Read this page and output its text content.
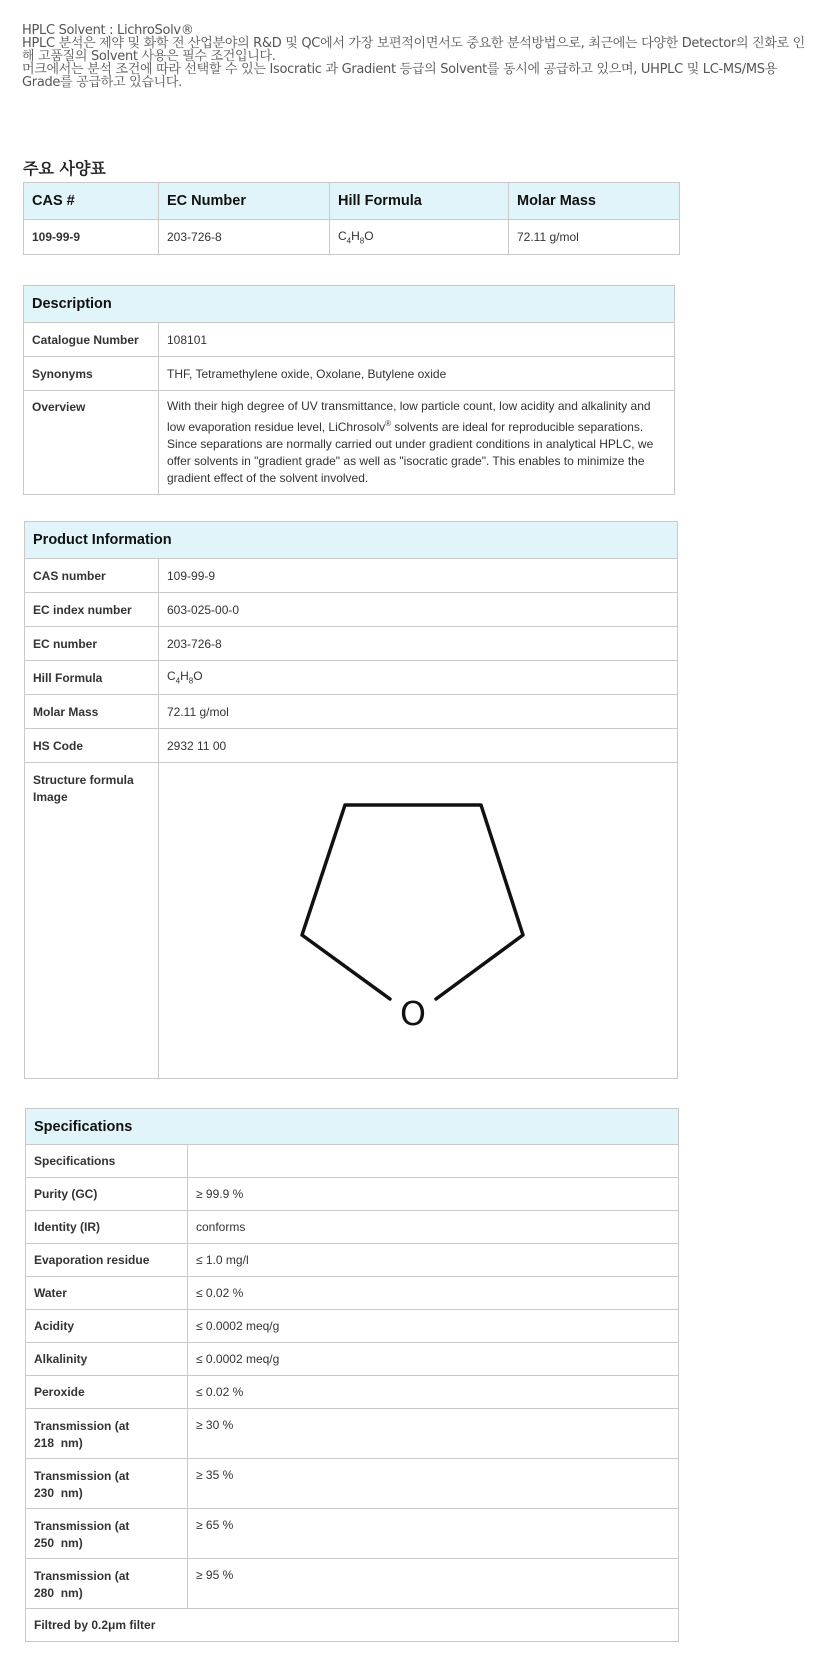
HPLC Solvent : LichroSolv®
HPLC 분석은 제약 및 화학 전 산업분야의 R&D 및 QC에서 가장 보편적이면서도 중요한 분석방법으로, 최근에는 다양한 Detector의 진화로 인해 고품질의 Solvent 사용은 필수 조건입니다.
머크에서는 분석 조건에 따라 선택할 수 있는 Isocratic 과 Gradient 등급의 Solvent를 동시에 공급하고 있으며, UHPLC 및 LC-MS/MS용 Grade를 공급하고 있습니다.
주요 사양표
CAS #	EC Number	Hill Formula	Molar Mass
109-99-9	203-726-8	$C_4H_8O$	72.11 g/mol
Description	
Catalogue Number	108101
Synonyms	THF, Tetramethylene oxide, Oxolane, Butylene oxide
Overview	With their high degree of UV transmittance, low particle count, low acidity and alkalinity and low evaporation residue level, LiChrosolv® solvents are ideal for reproducible separations. Since separations are normally carried out under gradient conditions in analytical HPLC, we offer solvents in "gradient grade" as well as "isocratic grade". This enables to minimize the gradient effect of the solvent involved.
Product Information	
CAS number	109-99-9
EC index number	603-025-00-0
EC number	203-726-8
Hill Formula	$C_4H_8O$
Molar Mass	72.11 g/mol
HS Code	2932 11 00
Structure formula Image	O
Specifications	
Specifications	
Purity (GC)	≥ 99.9 %
Identity (IR)	conforms
Evaporation residue	≤ 1.0 mg/l
Water	≤ 0.02 %
Acidity	≤ 0.0002 meq/g
Alkalinity	≤ 0.0002 meq/g
Peroxide	≤ 0.02 %
Transmission (at
218  nm)	≥ 30 %
Transmission (at
230  nm)	≥ 35 %
Transmission (at
250  nm)	≥ 65 %
Transmission (at
280  nm)	≥ 95 %
Filtred by 0.2μm filter	
